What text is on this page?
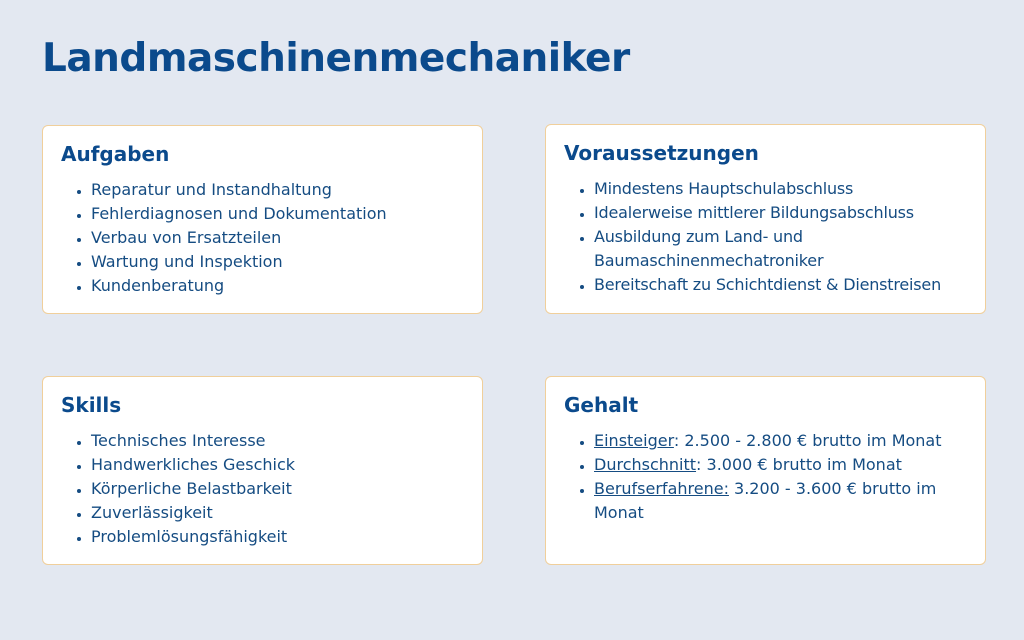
Landmaschinenmechaniker
Aufgaben
• Reparatur und Instandhaltung
• Fehlerdiagnosen und Dokumentation
• Verbau von Ersatzteilen
• Wartung und Inspektion
• Kundenberatung
Voraussetzungen
• Mindestens Hauptschulabschluss
• Idealerweise mittlerer Bildungsabschluss
• Ausbildung zum Land- und Baumaschinenmechatroniker
• Bereitschaft zu Schichtdienst & Dienstreisen
Skills
• Technisches Interesse
• Handwerkliches Geschick
• Körperliche Belastbarkeit
• Zuverlässigkeit
• Problemlösungsfähigkeit
Gehalt
• Einsteiger: 2.500 - 2.800 € brutto im Monat
• Durchschnitt: 3.000 € brutto im Monat
• Berufserfahrene: 3.200 - 3.600 € brutto im Monat
